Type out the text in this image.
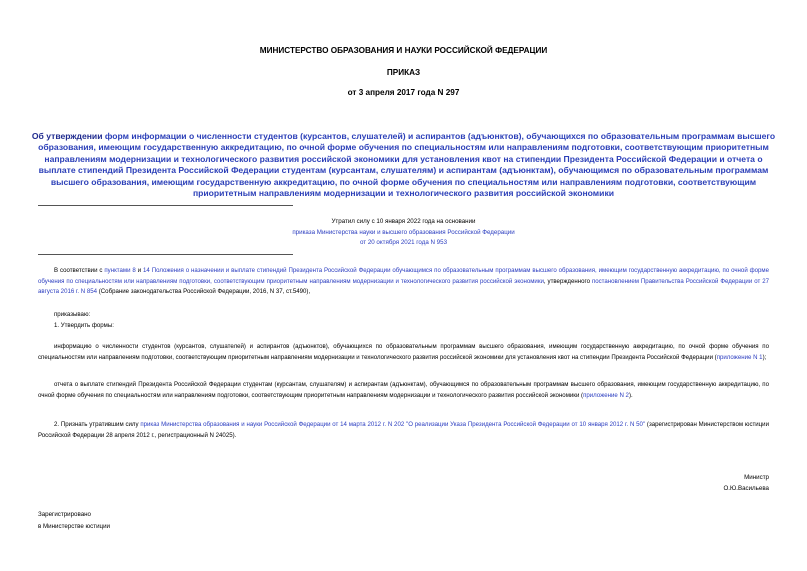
МИНИСТЕРСТВО ОБРАЗОВАНИЯ И НАУКИ РОССИЙСКОЙ ФЕДЕРАЦИИ
ПРИКАЗ
от 3 апреля 2017 года N 297
Об утверждении форм информации о численности студентов (курсантов, слушателей) и аспирантов (адъюнктов), обучающихся по образовательным программам высшего образования, имеющим государственную аккредитацию, по очной форме обучения по специальностям или направлениям подготовки, соответствующим приоритетным направлениям модернизации и технологического развития российской экономики для установления квот на стипендии Президента Российской Федерации и отчета о выплате стипендий Президента Российской Федерации студентам (курсантам, слушателям) и аспирантам (адъюнктам), обучающимся по образовательным программам высшего образования, имеющим государственную аккредитацию, по очной форме обучения по специальностям или направлениям подготовки, соответствующим приоритетным направлениям модернизации и технологического развития российской экономики
Утратил силу с 10 января 2022 года на основании
приказа Министерства науки и высшего образования Российской Федерации
от 20 октября 2021 года N 953
В соответствии с пунктами 8 и 14 Положения о назначении и выплате стипендий Президента Российской Федерации обучающимся по образовательным программам высшего образования, имеющим государственную аккредитацию, по очной форме обучения по специальностям или направлениям подготовки, соответствующим приоритетным направлениям модернизации и технологического развития российской экономики, утвержденного постановлением Правительства Российской Федерации от 27 августа 2016 г. N 854 (Собрание законодательства Российской Федерации, 2016, N 37, ст.5490),
приказываю:
1. Утвердить формы:
информацию о численности студентов (курсантов, слушателей) и аспирантов (адъюнктов), обучающихся по образовательным программам высшего образования, имеющим государственную аккредитацию, по очной форме обучения по специальностям или направлениям подготовки, соответствующим приоритетным направлениям модернизации и технологического развития российской экономики для установления квот на стипендии Президента Российской Федерации (приложение N 1);
отчета о выплате стипендий Президента Российской Федерации студентам (курсантам, слушателям) и аспирантам (адъюнктам), обучающимся по образовательным программам высшего образования, имеющим государственную аккредитацию, по очной форме обучения по специальностям или направлениям подготовки, соответствующим приоритетным направлениям модернизации и технологического развития российской экономики (приложение N 2).
2. Признать утратившим силу приказ Министерства образования и науки Российской Федерации от 14 марта 2012 г. N 202 "О реализации Указа Президента Российской Федерации от 10 января 2012 г. N 50" (зарегистрирован Министерством юстиции Российской Федерации 28 апреля 2012 г., регистрационный N 24025).
Министр
О.Ю.Васильева
Зарегистрировано
в Министерстве юстиции
